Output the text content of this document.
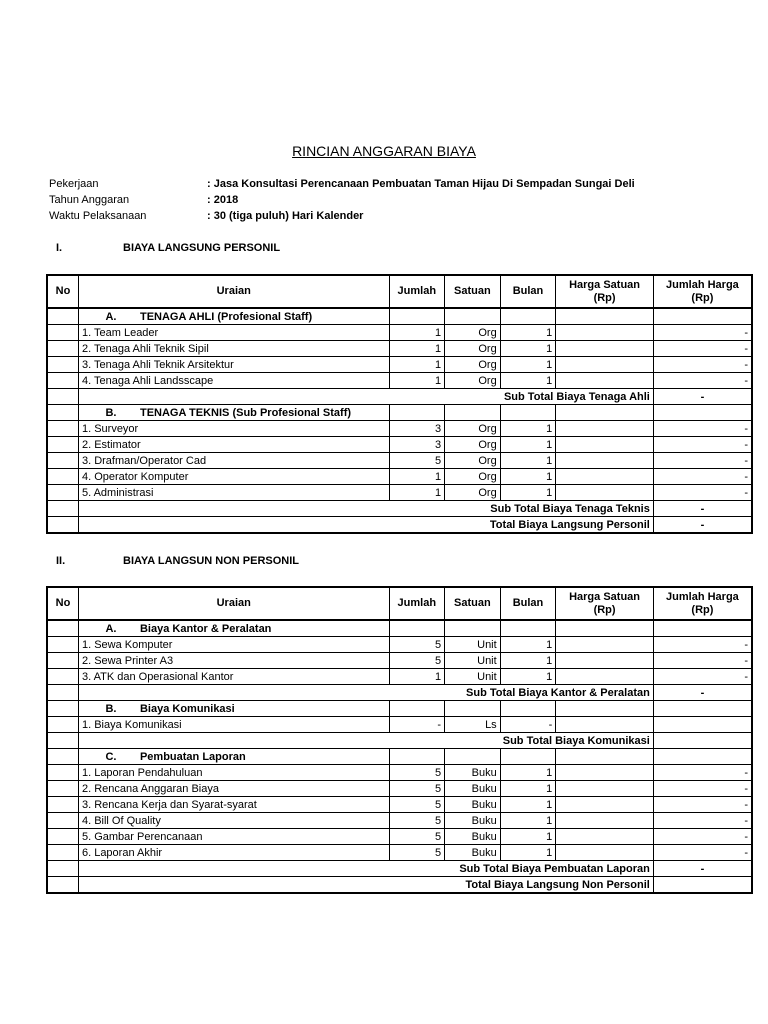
RINCIAN ANGGARAN BIAYA
Pekerjaan	: Jasa Konsultasi Perencanaan Pembuatan Taman Hijau Di Sempadan Sungai Deli
Tahun Anggaran	: 2018
Waktu Pelaksanaan	: 30 (tiga puluh) Hari Kalender
I.	BIAYA LANGSUNG PERSONIL
No	Uraian	Jumlah	Satuan	Bulan	Harga Satuan (Rp)	Jumlah Harga (Rp)
	A. TENAGA AHLI (Profesional Staff)					
	1. Team Leader	1	Org	1		-
	2. Tenaga Ahli Teknik Sipil	1	Org	1		-
	3. Tenaga Ahli Teknik Arsitektur	1	Org	1		-
	4. Tenaga Ahli Landsscape	1	Org	1		-
	Sub Total Biaya Tenaga Ahli					-
	B. TENAGA TEKNIS (Sub Profesional Staff)					
	1. Surveyor	3	Org	1		-
	2. Estimator	3	Org	1		-
	3. Drafman/Operator Cad	5	Org	1		-
	4. Operator Komputer	1	Org	1		-
	5. Administrasi	1	Org	1		-
	Sub Total Biaya Tenaga Teknis					-
	Total Biaya Langsung Personil					-
II.	BIAYA LANGSUN NON PERSONIL
No	Uraian	Jumlah	Satuan	Bulan	Harga Satuan (Rp)	Jumlah Harga (Rp)
	A. Biaya Kantor & Peralatan					
	1. Sewa Komputer	5	Unit	1		-
	2. Sewa Printer A3	5	Unit	1		-
	3. ATK dan Operasional Kantor	1	Unit	1		-
	Sub Total Biaya Kantor & Peralatan					-
	B. Biaya Komunikasi					
	1. Biaya Komunikasi	-	Ls	-		
	Sub Total Biaya Komunikasi					
	C. Pembuatan Laporan					
	1. Laporan Pendahuluan	5	Buku	1		-
	2. Rencana Anggaran Biaya	5	Buku	1		-
	3. Rencana Kerja dan Syarat-syarat	5	Buku	1		-
	4. Bill Of Quality	5	Buku	1		-
	5. Gambar Perencanaan	5	Buku	1		-
	6. Laporan Akhir	5	Buku	1		-
	Sub Total Biaya Pembuatan Laporan					-
	Total Biaya Langsung Non Personil					
